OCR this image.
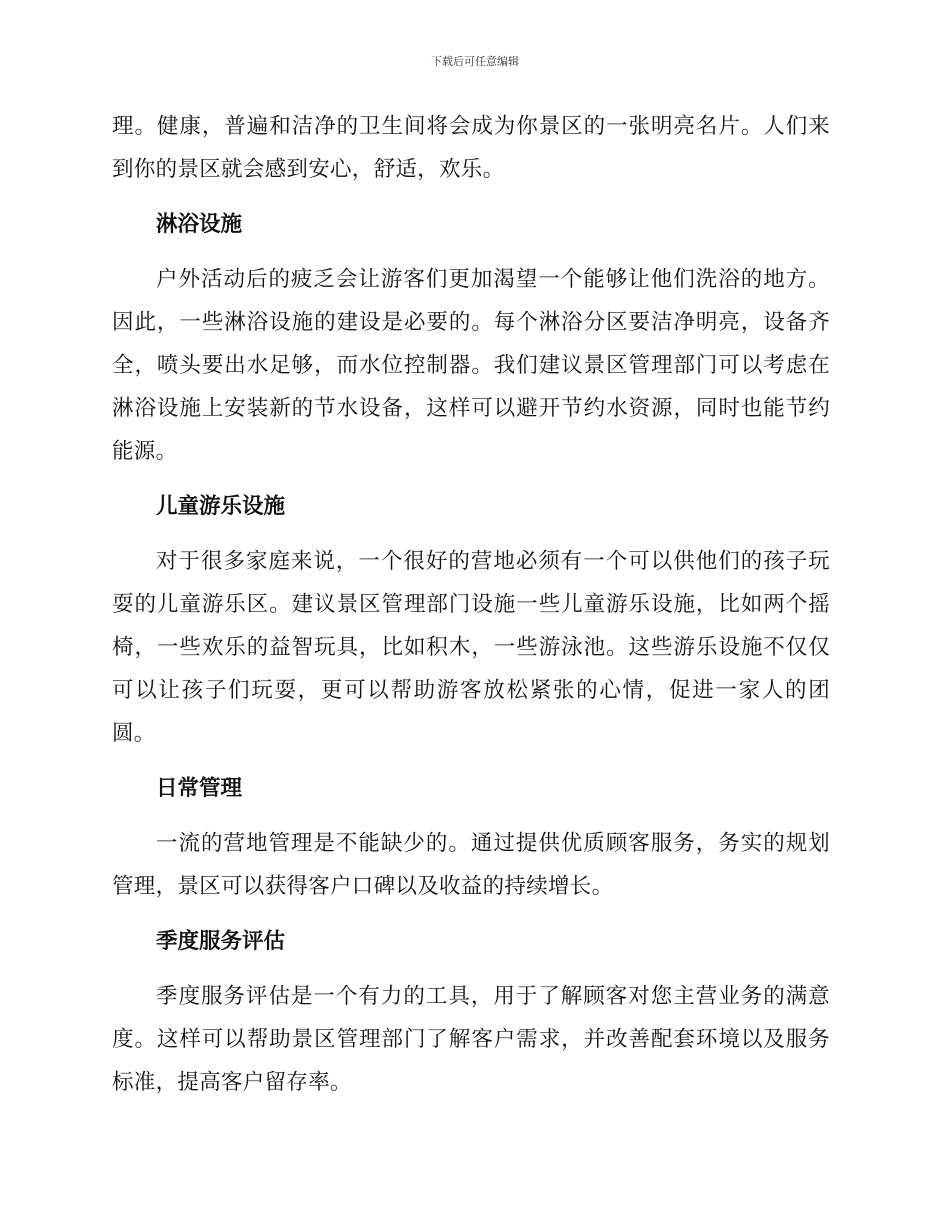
下载后可任意编辑

理。健康，普遍和洁净的卫生间将会成为你景区的一张明亮名片。人们来到你的景区就会感到安心，舒适，欢乐。

淋浴设施

户外活动后的疲乏会让游客们更加渴望一个能够让他们洗浴的地方。因此，一些淋浴设施的建设是必要的。每个淋浴分区要洁净明亮，设备齐全，喷头要出水足够，而水位控制器。我们建议景区管理部门可以考虑在淋浴设施上安装新的节水设备，这样可以避开节约水资源，同时也能节约能源。

儿童游乐设施

对于很多家庭来说，一个很好的营地必须有一个可以供他们的孩子玩耍的儿童游乐区。建议景区管理部门设施一些儿童游乐设施，比如两个摇椅，一些欢乐的益智玩具，比如积木，一些游泳池。这些游乐设施不仅仅可以让孩子们玩耍，更可以帮助游客放松紧张的心情，促进一家人的团圆。

日常管理

一流的营地管理是不能缺少的。通过提供优质顾客服务，务实的规划管理，景区可以获得客户口碑以及收益的持续增长。

季度服务评估

季度服务评估是一个有力的工具，用于了解顾客对您主营业务的满意度。这样可以帮助景区管理部门了解客户需求，并改善配套环境以及服务标准，提高客户留存率。
